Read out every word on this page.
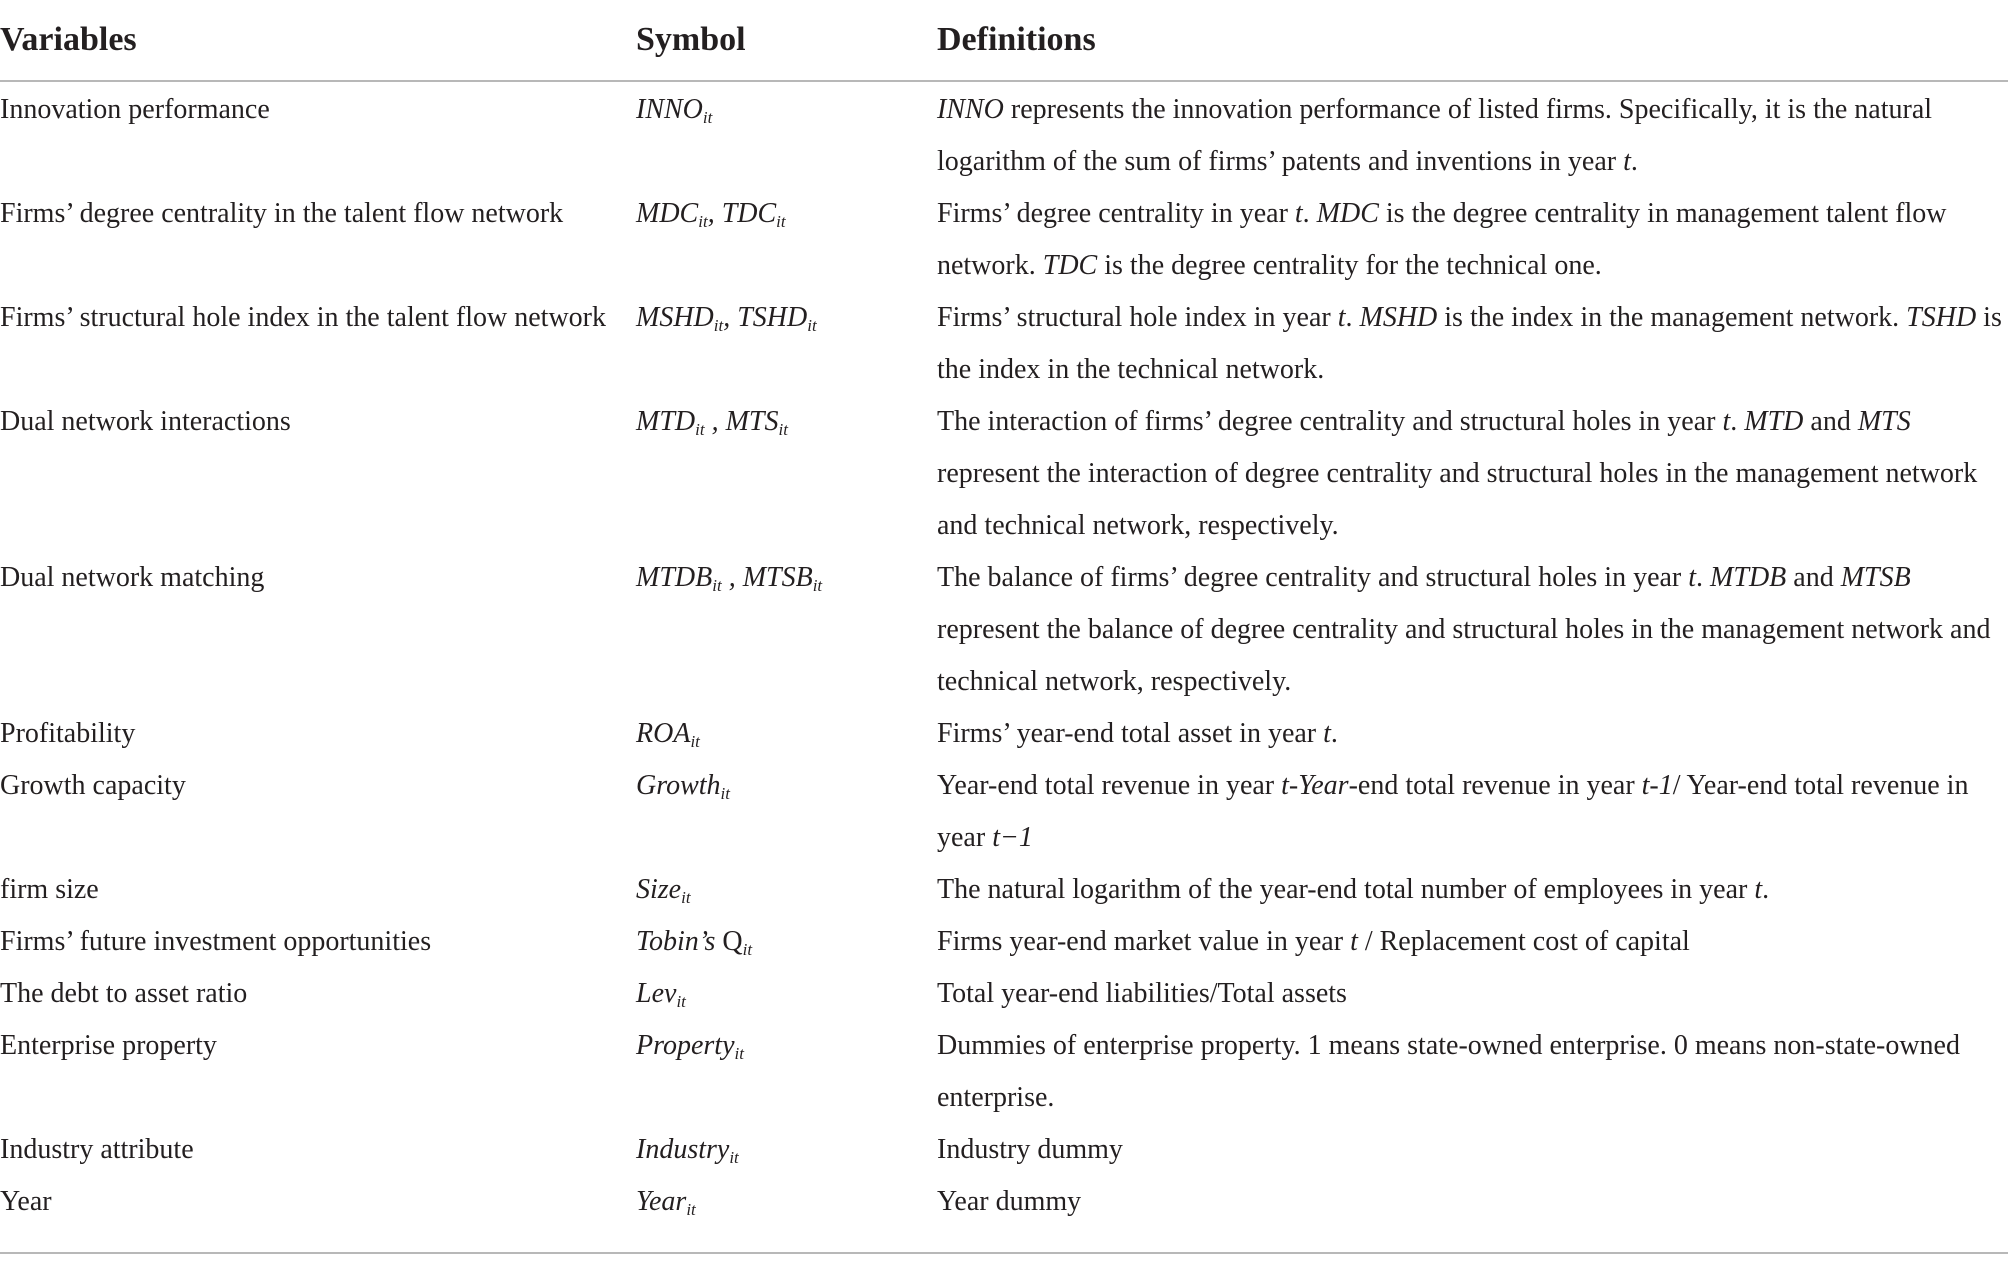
Variables	Symbol	Definitions
Innovation performance	$INNO_{it}$	INNO represents the innovation performance of listed firms. Specifically, it is the natural logarithm of the sum of firms’ patents and inventions in year t.
Firms’ degree centrality in the talent flow network	$MDC_{it}$, $TDC_{it}$	Firms’ degree centrality in year t. MDC is the degree centrality in management talent flow network. TDC is the degree centrality for the technical one.
Firms’ structural hole index in the talent flow network	$MSHD_{it}$, $TSHD_{it}$	Firms’ structural hole index in year t. MSHD is the index in the management network. TSHD is the index in the technical network.
Dual network interactions	$MTD_{it}$ , $MTS_{it}$	The interaction of firms’ degree centrality and structural holes in year t. MTD and MTS represent the interaction of degree centrality and structural holes in the management network and technical network, respectively.
Dual network matching	$MTDB_{it}$ , $MTSB_{it}$	The balance of firms’ degree centrality and structural holes in year t. MTDB and MTSB represent the balance of degree centrality and structural holes in the management network and technical network, respectively.
Profitability	$ROA_{it}$	Firms’ year-end total asset in year t.
Growth capacity	Growth$_{it}$	Year-end total revenue in year t-Year-end total revenue in year t-1/ Year-end total revenue in year t−1
firm size	Size$_{it}$	The natural logarithm of the year-end total number of employees in year t.
Firms’ future investment opportunities	Tobin’s $Q_{it}$	Firms year-end market value in year t / Replacement cost of capital
The debt to asset ratio	Lev$_{it}$	Total year-end liabilities/Total assets
Enterprise property	Property$_{it}$	Dummies of enterprise property. 1 means state-owned enterprise. 0 means non-state-owned enterprise.
Industry attribute	Industry$_{it}$	Industry dummy
Year	Year$_{it}$	Year dummy
